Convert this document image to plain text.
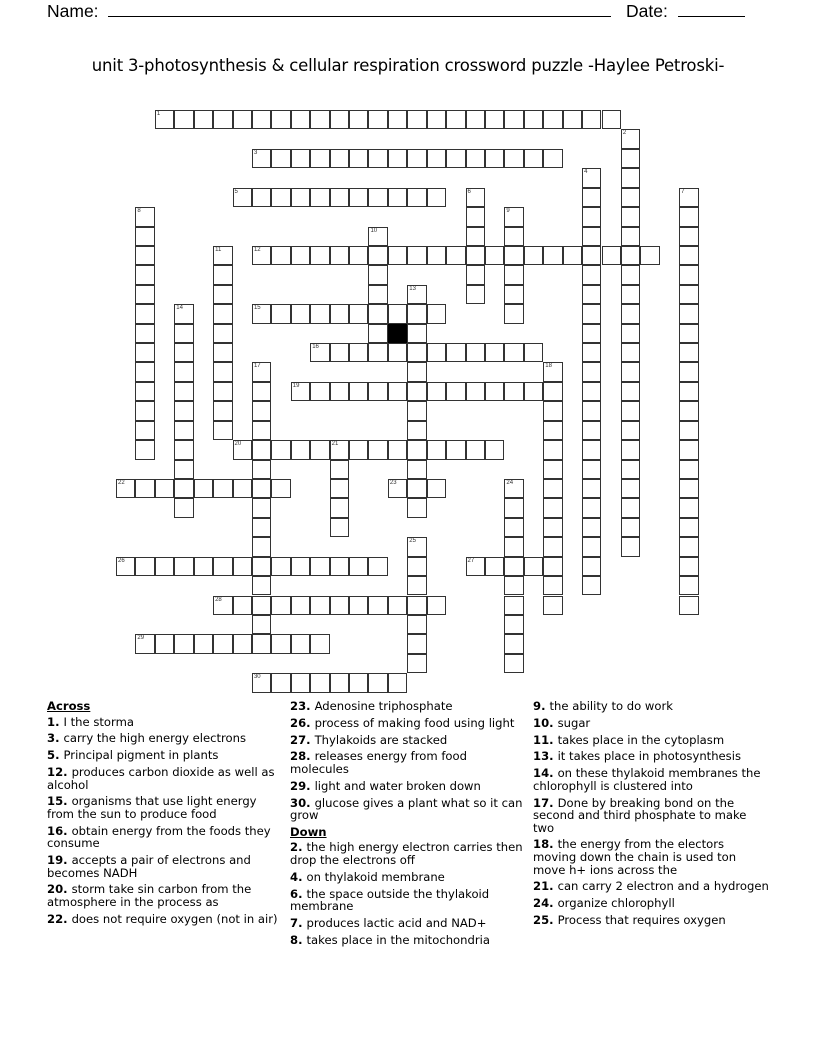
Name:	Date:
unit 3-photosynthesis & cellular respiration crossword puzzle -Haylee Petroski-
1
3
5
12
15
16
19
20	21
22	23
26	27
28
29
30
2
4
6	7
8	9
10
11
13
14
17	18
24
25
Across
1. I the storma
3. carry the high energy electrons
5. Principal pigment in plants
12. produces carbon dioxide as well as alcohol
15. organisms that use light energy from the sun to produce food
16. obtain energy from the foods they consume
19. accepts a pair of electrons and becomes NADH
20. storm take sin carbon from the atmosphere in the process as
22. does not require oxygen (not in air)
23. Adenosine triphosphate
26. process of making food using light
27. Thylakoids are stacked
28. releases energy from food molecules
29. light and water broken down
30. glucose gives a plant what so it can grow
Down
2. the high energy electron carries then drop the electrons off
4. on thylakoid membrane
6. the space outside the thylakoid membrane
7. produces lactic acid and NAD+
8. takes place in the mitochondria
9. the ability to do work
10. sugar
11. takes place in the cytoplasm
13. it takes place in photosynthesis
14. on these thylakoid membranes the chlorophyll is clustered into
17. Done by breaking bond on the second and third phosphate to make two
18. the energy from the electors moving down the chain is used ton move h+ ions across the
21. can carry 2 electron and a hydrogen
24. organize chlorophyll
25. Process that requires oxygen
